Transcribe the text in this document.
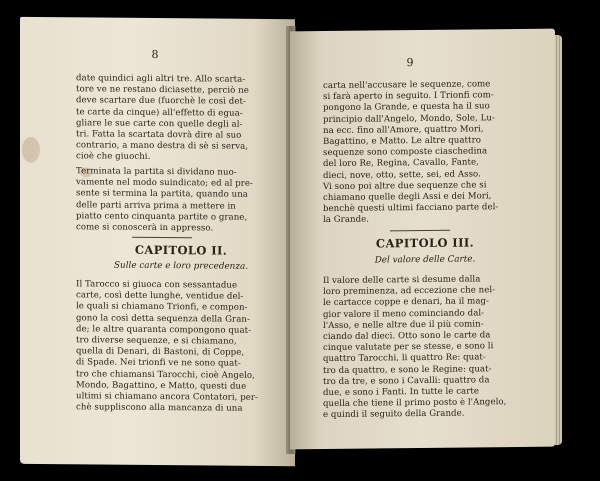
8
date quindici agli altri tre. Allo scarta-
tore ve ne restano diciasette, perciò ne
deve scartare due (fuorchè le così det-
te carte da cinque) all'effetto di egua-
gliare le sue carte con quelle degli al-
tri. Fatta la scartata dovrà dire al suo
contrario, a mano destra di sè si serva,
cioè che giuochi.
Terminata la partita si dividano nuo-
vamente nel modo suindicato; ed al pre-
sente si termina la partita, quando una
delle parti arriva prima a mettere in
piatto cento cinquanta partite o grane,
come si conoscerà in appresso.
CAPITOLO II.
Sulle carte e loro precedenza.
Il Tarocco si giuoca con sessantadue
carte, così dette lunghe, ventidue del-
le quali si chiamano Trionfi, e compon-
gono la così detta sequenza della Gran-
de; le altre quaranta compongono quat-
tro diverse sequenze, e si chiamano,
quella di Denari, di Bastoni, di Coppe,
di Spade. Nei trionfi ve ne sono quat-
tro che chiamansi Tarocchi, cioè Angelo,
Mondo, Bagattino, e Matto, questi due
ultimi si chiamano ancora Contatori, per-
chè suppliscono alla mancanza di una
9
carta nell'accusare le sequenze, come
si farà aperto in seguito. I Trionfi com-
pongono la Grande, e questa ha il suo
principio dall'Angelo, Mondo, Sole, Lu-
na ecc. fino all'Amore, quattro Mori,
Bagattino, e Matto. Le altre quattro
sequenze sono composte ciaschedina
del loro Re, Regina, Cavallo, Fante,
dieci, nove, otto, sette, sei, ed Asso.
Vi sono poi altre due sequenze che si
chiamano quelle degli Assi e dei Mori,
benchè questi ultimi facciano parte del-
la Grande.
CAPITOLO III.
Del valore delle Carte.
Il valore delle carte si desume dalla
loro preminenza, ad eccezione che nel-
le cartacce coppe e denari, ha il mag-
gior valore il meno cominciando dal-
l'Asso, e nelle altre due il più comin-
ciando dal dieci. Otto sono le carte da
cinque valutate per se stesse, e sono li
quattro Tarocchi, li quattro Re: quat-
tro da quattro, e sono le Regine: quat-
tro da tre, e sono i Cavalli: quattro da
due, e sono i Fanti. In tutte le carte
quella che tiene il primo posto è l'Angelo,
e quindi il seguito della Grande.
